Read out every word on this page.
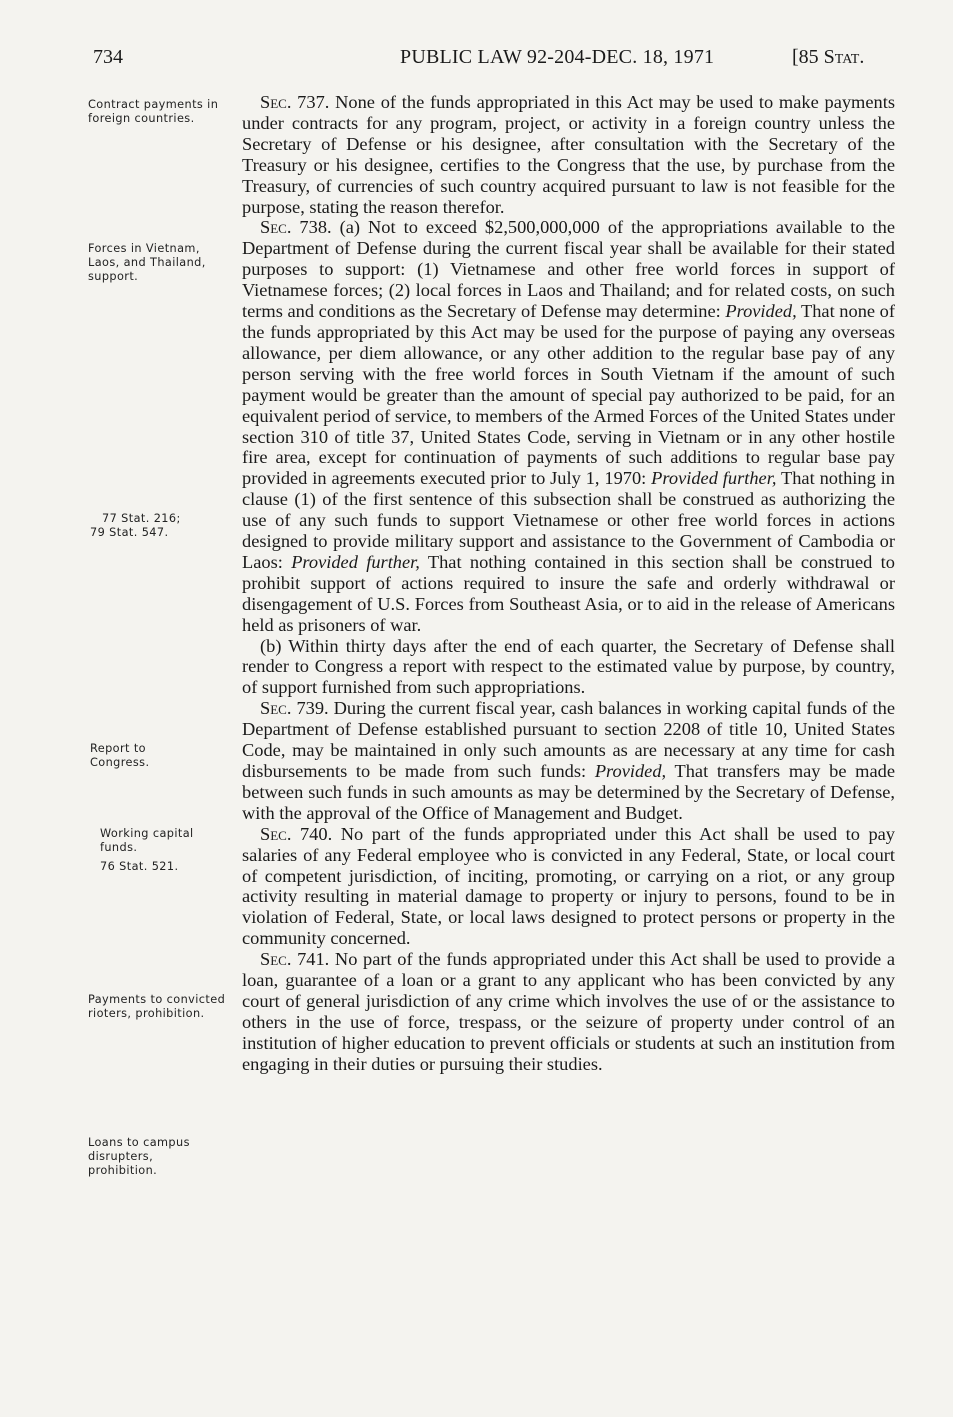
734	PUBLIC LAW 92-204-DEC. 18, 1971	[85 Stat.
Contract payments in foreign countries.
Forces in Vietnam, Laos, and Thailand, support.
77 Stat. 216;
79 Stat. 547.
Report to Congress.
Working capital funds.
76 Stat. 521.
Payments to convicted rioters, prohibition.
Loans to campus disrupters, prohibition.

Sec. 737. None of the funds appropriated in this Act may be used to make payments under contracts for any program, project, or activity in a foreign country unless the Secretary of Defense or his designee, after consultation with the Secretary of the Treasury or his designee, certifies to the Congress that the use, by purchase from the Treasury, of currencies of such country acquired pursuant to law is not feasible for the purpose, stating the reason therefor.

Sec. 738. (a) Not to exceed $2,500,000,000 of the appropriations available to the Department of Defense during the current fiscal year shall be available for their stated purposes to support: (1) Vietnamese and other free world forces in support of Vietnamese forces; (2) local forces in Laos and Thailand; and for related costs, on such terms and conditions as the Secretary of Defense may determine: Provided, That none of the funds appropriated by this Act may be used for the purpose of paying any overseas allowance, per diem allowance, or any other addition to the regular base pay of any person serving with the free world forces in South Vietnam if the amount of such payment would be greater than the amount of special pay authorized to be paid, for an equivalent period of service, to members of the Armed Forces of the United States under section 310 of title 37, United States Code, serving in Vietnam or in any other hostile fire area, except for continuation of payments of such additions to regular base pay provided in agreements executed prior to July 1, 1970: Provided further, That nothing in clause (1) of the first sentence of this subsection shall be construed as authorizing the use of any such funds to support Vietnamese or other free world forces in actions designed to provide military support and assistance to the Government of Cambodia or Laos: Provided further, That nothing contained in this section shall be construed to prohibit support of actions required to insure the safe and orderly withdrawal or disengagement of U.S. Forces from Southeast Asia, or to aid in the release of Americans held as prisoners of war.

(b) Within thirty days after the end of each quarter, the Secretary of Defense shall render to Congress a report with respect to the estimated value by purpose, by country, of support furnished from such appropriations.

Sec. 739. During the current fiscal year, cash balances in working capital funds of the Department of Defense established pursuant to section 2208 of title 10, United States Code, may be maintained in only such amounts as are necessary at any time for cash disbursements to be made from such funds: Provided, That transfers may be made between such funds in such amounts as may be determined by the Secretary of Defense, with the approval of the Office of Management and Budget.

Sec. 740. No part of the funds appropriated under this Act shall be used to pay salaries of any Federal employee who is convicted in any Federal, State, or local court of competent jurisdiction, of inciting, promoting, or carrying on a riot, or any group activity resulting in material damage to property or injury to persons, found to be in violation of Federal, State, or local laws designed to protect persons or property in the community concerned.

Sec. 741. No part of the funds appropriated under this Act shall be used to provide a loan, guarantee of a loan or a grant to any applicant who has been convicted by any court of general jurisdiction of any crime which involves the use of or the assistance to others in the use of force, trespass, or the seizure of property under control of an institution of higher education to prevent officials or students at such an institution from engaging in their duties or pursuing their studies.
